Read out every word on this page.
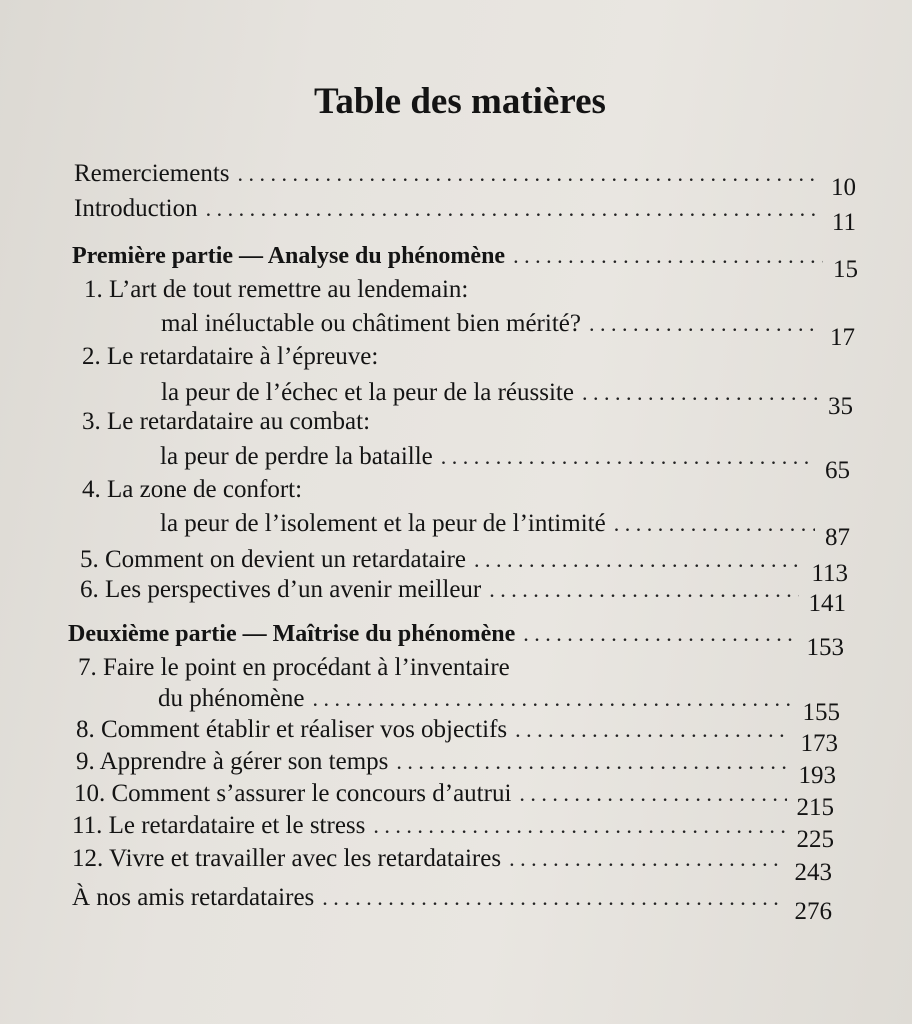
Table des matières
Remerciements
. . .
10
Introduction
. . .
11
Première partie — Analyse du phénomène . . .	15
1. L’art de tout remettre au lendemain:
mal inéluctable ou châtiment bien mérité?
. . .
17
2. Le retardataire à l’épreuve:
la peur de l’échec et la peur de la réussite
. . .
35
3. Le retardataire au combat:
la peur de perdre la bataille
. . .
65
4. La zone de confort:
la peur de l’isolement et la peur de l’intimité
. . .
87
5. Comment on devient un retardataire
. . .
113
6. Les perspectives d’un avenir meilleur
. . .
141
Deuxième partie — Maîtrise du phénomène . . .	153
7. Faire le point en procédant à l’inventaire
du phénomène
. . .
155
8. Comment établir et réaliser vos objectifs
. . .
173
9. Apprendre à gérer son temps
. . .
193
10. Comment s’assurer le concours d’autrui
. . .
215
11. Le retardataire et le stress
. . .
225
12. Vivre et travailler avec les retardataires
. . .
243
À nos amis retardataires
. . .
276
